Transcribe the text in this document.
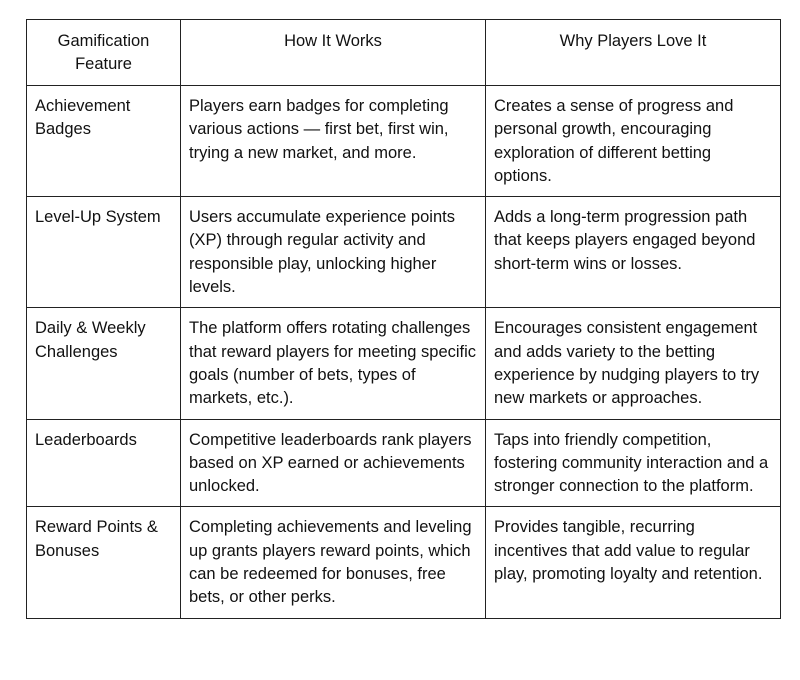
Gamification Feature	How It Works	Why Players Love It
Achievement Badges	Players earn badges for completing various actions — first bet, first win, trying a new market, and more.	Creates a sense of progress and personal growth, encouraging exploration of different betting options.
Level-Up System	Users accumulate experience points (XP) through regular activity and responsible play, unlocking higher levels.	Adds a long-term progression path that keeps players engaged beyond short-term wins or losses.
Daily & Weekly Challenges	The platform offers rotating challenges that reward players for meeting specific goals (number of bets, types of markets, etc.).	Encourages consistent engagement and adds variety to the betting experience by nudging players to try new markets or approaches.
Leaderboards	Competitive leaderboards rank players based on XP earned or achievements unlocked.	Taps into friendly competition, fostering community interaction and a stronger connection to the platform.
Reward Points & Bonuses	Completing achievements and leveling up grants players reward points, which can be redeemed for bonuses, free bets, or other perks.	Provides tangible, recurring incentives that add value to regular play, promoting loyalty and retention.
